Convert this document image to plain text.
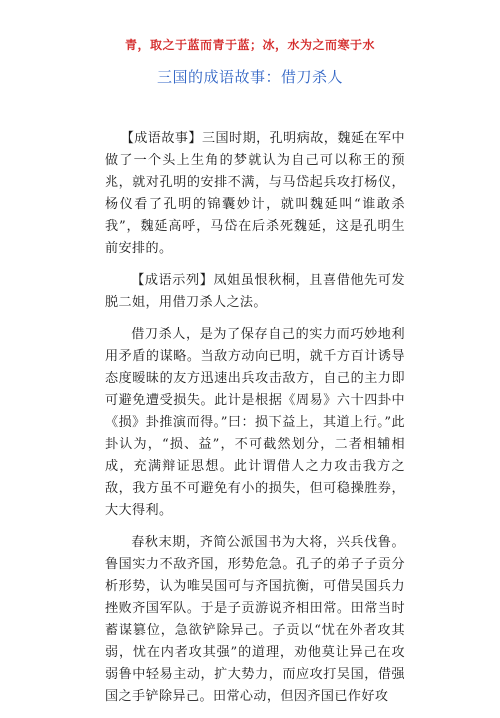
青，取之于蓝而青于蓝；冰，水为之而寒于水
三国的成语故事：借刀杀人

【成语故事】三国时期，孔明病故，魏延在军中做了一个头上生角的梦就认为自己可以称王的预兆，就对孔明的安排不满，与马岱起兵攻打杨仪，杨仪看了孔明的锦囊妙计，就叫魏延叫“谁敢杀我”，魏延高呼，马岱在后杀死魏延，这是孔明生前安排的。

【成语示列】凤姐虽恨秋桐，且喜借他先可发脱二姐，用借刀杀人之法。

借刀杀人，是为了保存自己的实力而巧妙地利用矛盾的谋略。当敌方动向已明，就千方百计诱导态度暧昧的友方迅速出兵攻击敌方，自己的主力即可避免遭受损失。此计是根据《周易》六十四卦中《损》卦推演而得。”曰：损下益上，其道上行。”此卦认为，“损、益”，不可截然划分，二者相辅相成，充满辩证思想。此计谓借人之力攻击我方之敌，我方虽不可避免有小的损失，但可稳操胜券，大大得利。

春秋末期，齐简公派国书为大将，兴兵伐鲁。鲁国实力不敌齐国，形势危急。孔子的弟子子贡分析形势，认为唯吴国可与齐国抗衡，可借吴国兵力挫败齐国军队。于是子贡游说齐相田常。田常当时蓄谋篡位，急欲铲除异己。子贡以“忧在外者攻其弱，忧在内者攻其强”的道理，劝他莫让异己在攻弱鲁中轻易主动，扩大势力，而应攻打吴国，借强国之手铲除异己。田常心动，但因齐国已作好攻
